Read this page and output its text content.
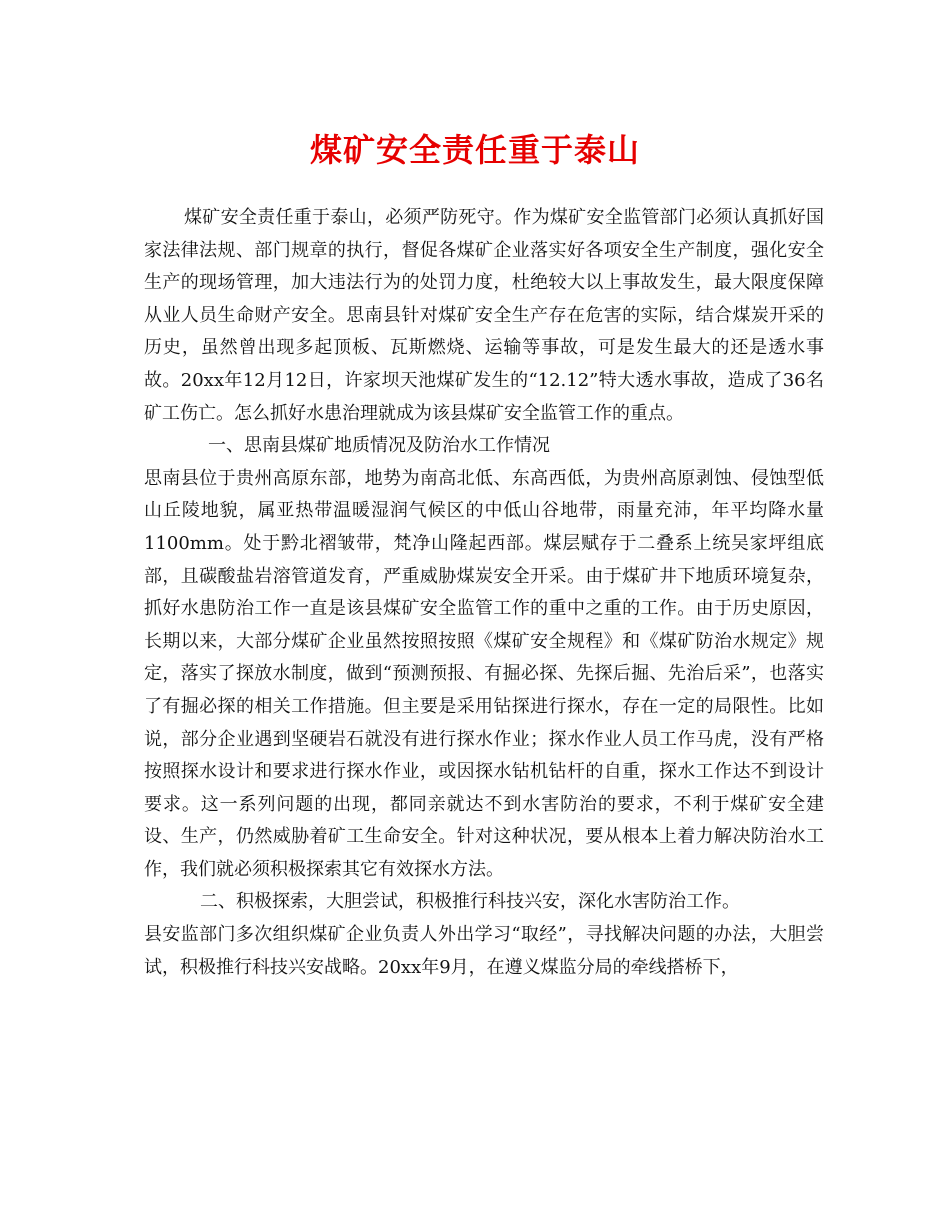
煤矿安全责任重于泰山

煤矿安全责任重于泰山，必须严防死守。作为煤矿安全监管部门必须认真抓好国家法律法规、部门规章的执行，督促各煤矿企业落实好各项安全生产制度，强化安全生产的现场管理，加大违法行为的处罚力度，杜绝较大以上事故发生，最大限度保障从业人员生命财产安全。思南县针对煤矿安全生产存在危害的实际，结合煤炭开采的历史，虽然曾出现多起顶板、瓦斯燃烧、运输等事故，可是发生最大的还是透水事故。20xx年12月12日，许家坝天池煤矿发生的“12.12”特大透水事故，造成了36名矿工伤亡。怎么抓好水患治理就成为该县煤矿安全监管工作的重点。

一、思南县煤矿地质情况及防治水工作情况

思南县位于贵州高原东部，地势为南高北低、东高西低，为贵州高原剥蚀、侵蚀型低山丘陵地貌，属亚热带温暖湿润气候区的中低山谷地带，雨量充沛，年平均降水量1100mm。处于黔北褶皱带，梵净山隆起西部。煤层赋存于二叠系上统吴家坪组底部，且碳酸盐岩溶管道发育，严重威胁煤炭安全开采。由于煤矿井下地质环境复杂，抓好水患防治工作一直是该县煤矿安全监管工作的重中之重的工作。由于历史原因，长期以来，大部分煤矿企业虽然按照按照《煤矿安全规程》和《煤矿防治水规定》规定，落实了探放水制度，做到“预测预报、有掘必探、先探后掘、先治后采”，也落实了有掘必探的相关工作措施。但主要是采用钻探进行探水，存在一定的局限性。比如说，部分企业遇到坚硬岩石就没有进行探水作业；探水作业人员工作马虎，没有严格按照探水设计和要求进行探水作业，或因探水钻机钻杆的自重，探水工作达不到设计要求。这一系列问题的出现，都同亲就达不到水害防治的要求，不利于煤矿安全建设、生产，仍然威胁着矿工生命安全。针对这种状况，要从根本上着力解决防治水工作，我们就必须积极探索其它有效探水方法。

二、积极探索，大胆尝试，积极推行科技兴安，深化水害防治工作。

县安监部门多次组织煤矿企业负责人外出学习“取经”，寻找解决问题的办法，大胆尝试，积极推行科技兴安战略。20xx年9月，在遵义煤监分局的牵线搭桥下，
